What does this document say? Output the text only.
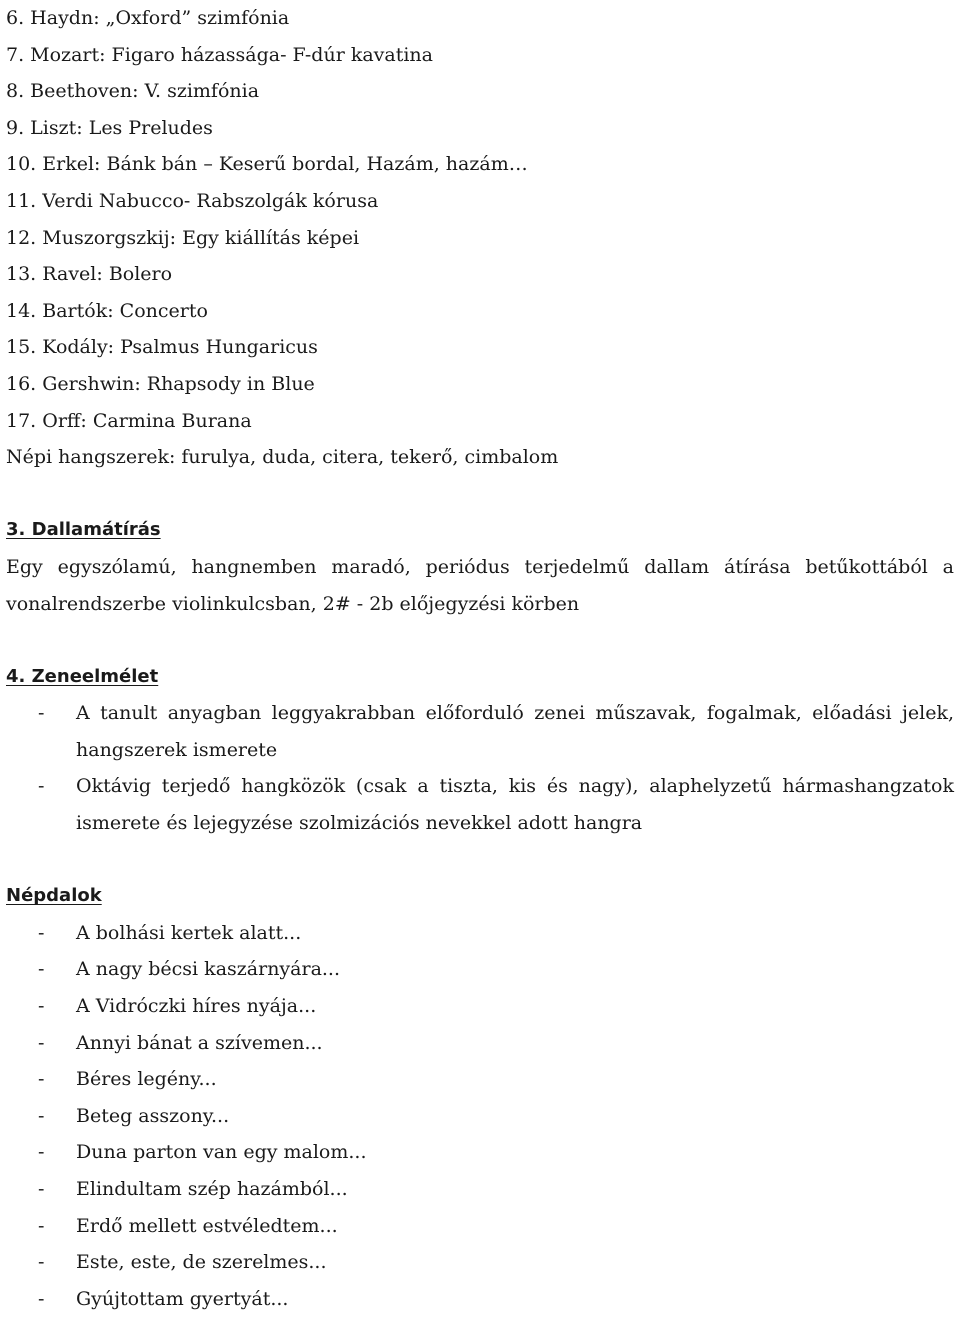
6. Haydn: „Oxford” szimfónia
7. Mozart: Figaro házassága- F-dúr kavatina
8. Beethoven: V. szimfónia
9. Liszt: Les Preludes
10. Erkel: Bánk bán – Keserű bordal, Hazám, hazám…
11. Verdi Nabucco- Rabszolgák kórusa
12. Muszorgszkij: Egy kiállítás képei
13. Ravel: Bolero
14. Bartók: Concerto
15. Kodály: Psalmus Hungaricus
16. Gershwin: Rhapsody in Blue
17. Orff: Carmina Burana
Népi hangszerek: furulya, duda, citera, tekerő, cimbalom
3. Dallamátírás
Egy egyszólamú, hangnemben maradó, periódus terjedelmű dallam átírása betűkottából a vonalrendszerbe violinkulcsban, 2# - 2b előjegyzési körben
4. Zeneelmélet
-	A tanult anyagban leggyakrabban előforduló zenei műszavak, fogalmak, előadási jelek, hangszerek ismerete
-	Oktávig terjedő hangközök (csak a tiszta, kis és nagy), alaphelyzetű hármashangzatok ismerete és lejegyzése szolmizációs nevekkel adott hangra
Népdalok
-	A bolhási kertek alatt...
-	A nagy bécsi kaszárnyára...
-	A Vidróczki híres nyája...
-	Annyi bánat a szívemen...
-	Béres legény...
-	Beteg asszony...
-	Duna parton van egy malom...
-	Elindultam szép hazámból...
-	Erdő mellett estvéledtem...
-	Este, este, de szerelmes...
-	Gyújtottam gyertyát...
